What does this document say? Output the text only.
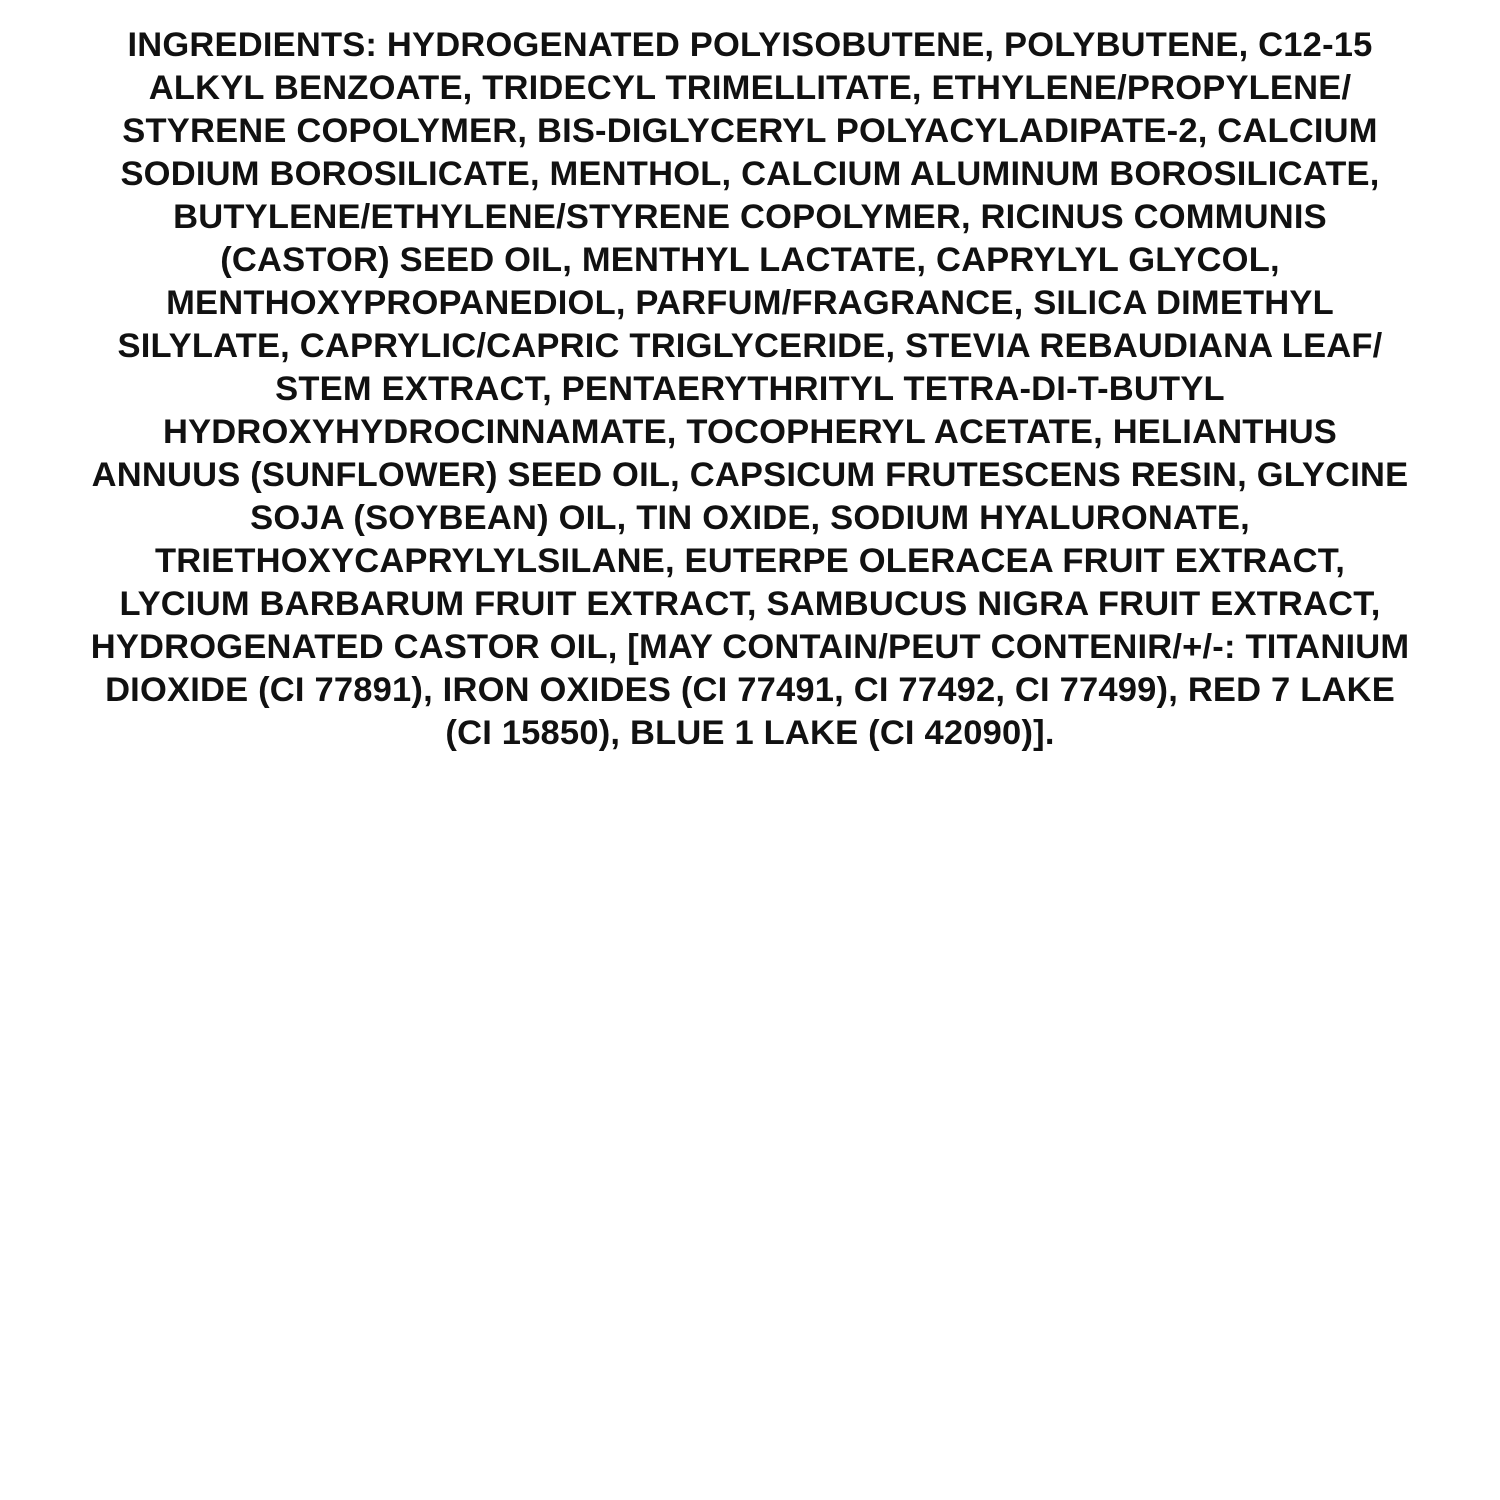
INGREDIENTS: HYDROGENATED POLYISOBUTENE, POLYBUTENE, C12-15
ALKYL BENZOATE, TRIDECYL TRIMELLITATE, ETHYLENE/PROPYLENE/
STYRENE COPOLYMER, BIS-DIGLYCERYL POLYACYLADIPATE-2, CALCIUM
SODIUM BOROSILICATE, MENTHOL, CALCIUM ALUMINUM BOROSILICATE,
BUTYLENE/ETHYLENE/STYRENE COPOLYMER, RICINUS COMMUNIS
(CASTOR) SEED OIL, MENTHYL LACTATE, CAPRYLYL GLYCOL,
MENTHOXYPROPANEDIOL, PARFUM/FRAGRANCE, SILICA DIMETHYL
SILYLATE, CAPRYLIC/CAPRIC TRIGLYCERIDE, STEVIA REBAUDIANA LEAF/
STEM EXTRACT, PENTAERYTHRITYL TETRA-DI-T-BUTYL
HYDROXYHYDROCINNAMATE, TOCOPHERYL ACETATE, HELIANTHUS
ANNUUS (SUNFLOWER) SEED OIL, CAPSICUM FRUTESCENS RESIN, GLYCINE
SOJA (SOYBEAN) OIL, TIN OXIDE, SODIUM HYALURONATE,
TRIETHOXYCAPRYLYLSILANE, EUTERPE OLERACEA FRUIT EXTRACT,
LYCIUM BARBARUM FRUIT EXTRACT, SAMBUCUS NIGRA FRUIT EXTRACT,
HYDROGENATED CASTOR OIL, [MAY CONTAIN/PEUT CONTENIR/+/-: TITANIUM
DIOXIDE (CI 77891), IRON OXIDES (CI 77491, CI 77492, CI 77499), RED 7 LAKE
(CI 15850), BLUE 1 LAKE (CI 42090)].
